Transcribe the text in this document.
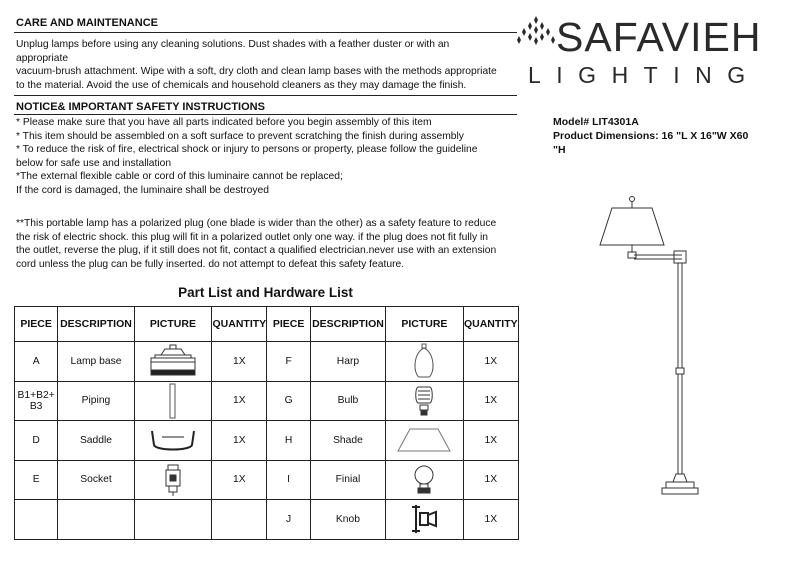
CARE AND MAINTENANCE

Unplug lamps before using any cleaning solutions. Dust shades with a feather duster or with an

appropriate

vacuum-brush attachment. Wipe with a soft, dry cloth and clean lamp bases with the methods appropriate

to the material. Avoid the use of chemicals and household cleaners as they may damage the finish.

NOTICE& IMPORTANT SAFETY INSTRUCTIONS

* Please make sure that you have all parts indicated before you begin assembly of this item

* This item should be assembled on a soft surface to prevent scratching the finish during assembly

* To reduce the risk of fire, electrical shock or injury to persons or property, please follow the guideline

below for safe use and installation

*The external flexible cable or cord of this luminaire cannot be replaced;

If the cord is damaged, the luminaire shall be destroyed

**This portable lamp has a polarized plug (one blade is wider than the other) as a safety feature to reduce

the risk of electric shock. this plug will fit in a polarized outlet only one way. if the plug does not fit fully in

the outlet, reverse the plug, if it still does not fit, contact a qualified electrician.never use with an extension

cord unless the plug can be fully inserted. do not attempt to defeat this safety feature.

SAFAVIEH
LIGHTING
Model# LIT4301A
Product Dimensions: 16 "L X 16"W X60
"H
Part List and Hardware List
PIECE	DESCRIPTION	PICTURE	QUANTITY	PIECE	DESCRIPTION	PICTURE	QUANTITY
A	Lamp base		1X	F	Harp		1X

B1+B2+
B3	Piping		1X	G	Bulb		1X
D	Saddle		1X	H	Shade		1X
E	Socket		1X	I	Finial		1X
				J	Knob		1X
